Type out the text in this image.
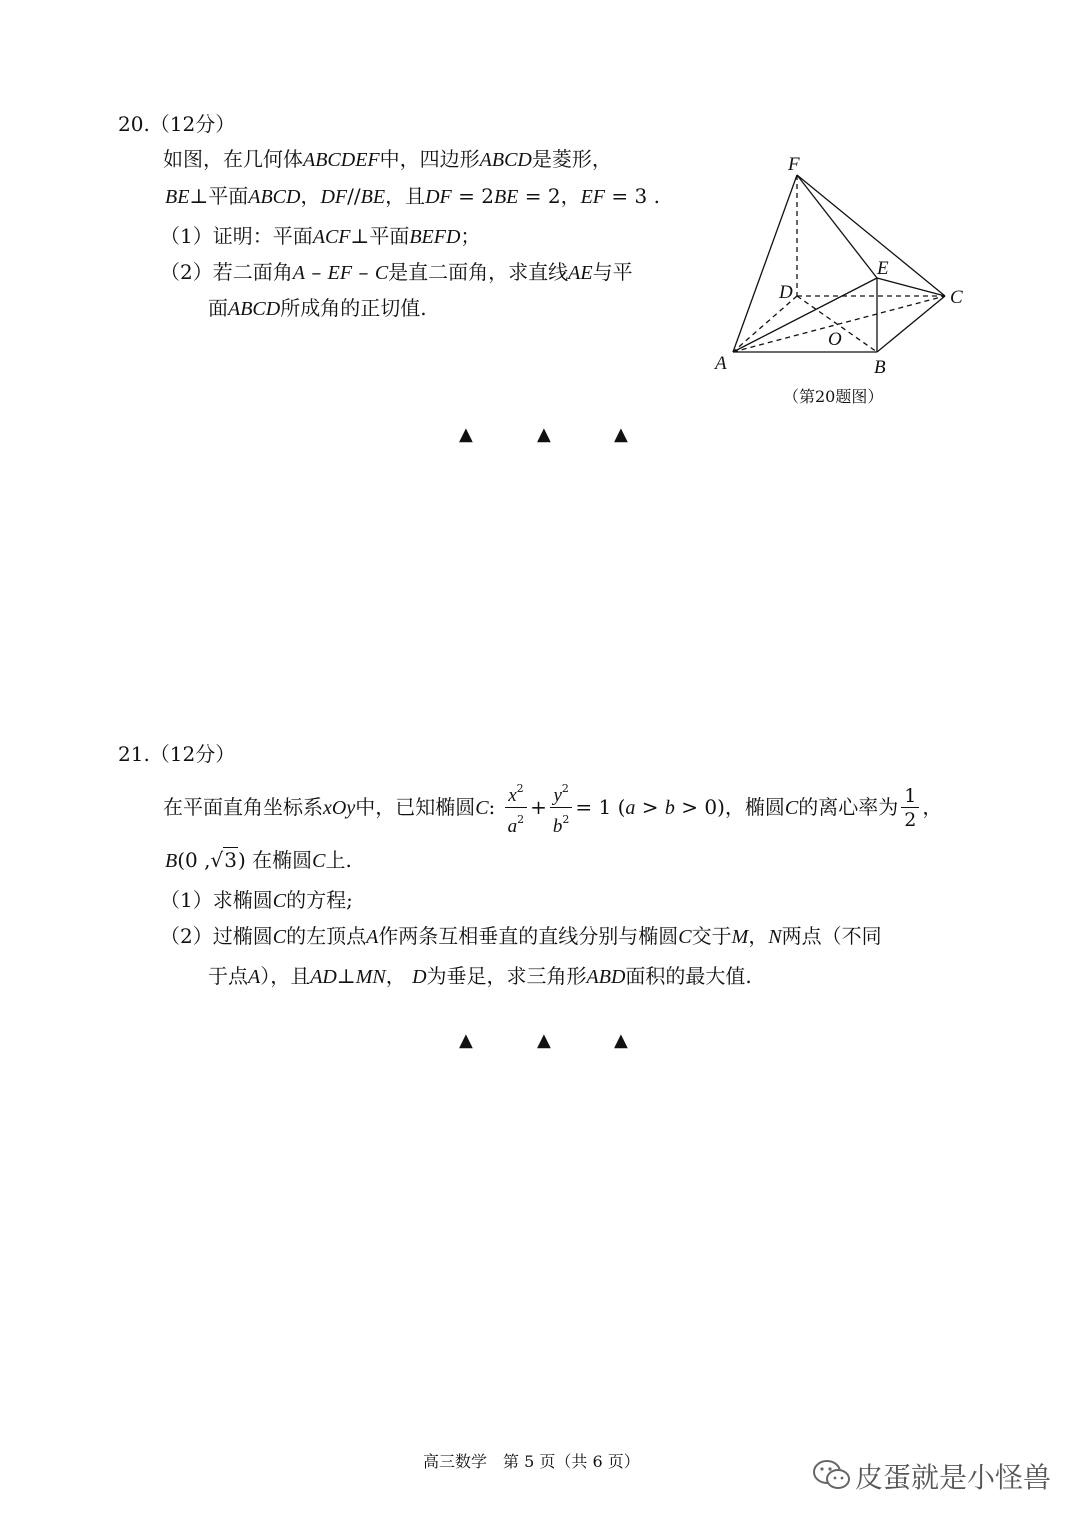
20.（12分）
如图，在几何体ABCDEF中，四边形ABCD是菱形，
BE⊥平面ABCD，DF//BE，且DF = 2BE = 2，EF = 3 .
（1）证明：平面ACF⊥平面BEFD；
（2）若二面角A – EF – C是直二面角，求直线AE与平
面ABCD所成角的正切值.
F
E
D	C
O
A	B
（第20题图）
▲	▲	▲
21.（12分）
在平面直角坐标系xOy中，已知椭圆C: $\frac{x^2}{a^2} + \frac{y^2}{b^2} = 1$ (a > b > 0)，椭圆C的离心率为 $\frac{1}{2}$ ，
B(0 ,√3) 在椭圆C上.
（1）求椭圆C的方程;
（2）过椭圆C的左顶点A作两条互相垂直的直线分别与椭圆C交于M，N两点（不同
于点A），且AD⊥MN， D为垂足，求三角形ABD面积的最大值.
▲	▲	▲
高三数学　第 5 页（共 6 页）	皮蛋就是小怪兽
